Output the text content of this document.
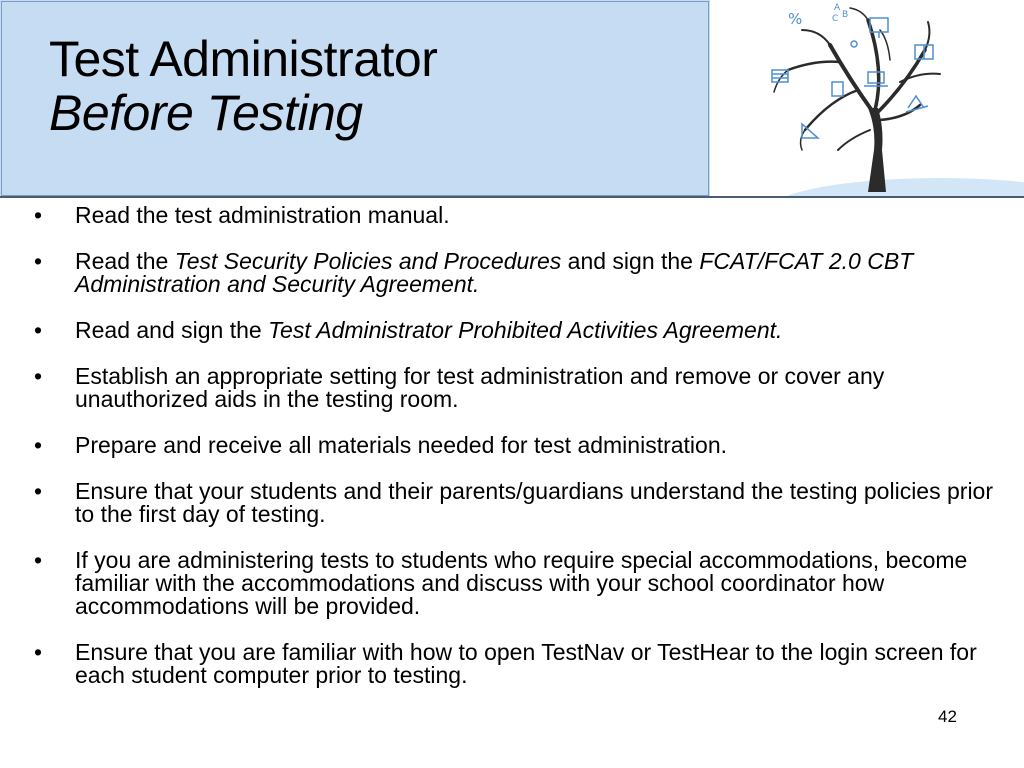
Test Administrator
Before Testing
%
A
C B
• Read the test administration manual.
• Read the Test Security Policies and Procedures and sign the FCAT/FCAT 2.0 CBT Administration and Security Agreement.
• Read and sign the Test Administrator Prohibited Activities Agreement.
• Establish an appropriate setting for test administration and remove or cover any unauthorized aids in the testing room.
• Prepare and receive all materials needed for test administration.
• Ensure that your students and their parents/guardians understand the testing policies prior to the first day of testing.
• If you are administering tests to students who require special accommodations, become familiar with the accommodations and discuss with your school coordinator how accommodations will be provided.
• Ensure that you are familiar with how to open TestNav or TestHear to the login screen for each student computer prior to testing.
42
